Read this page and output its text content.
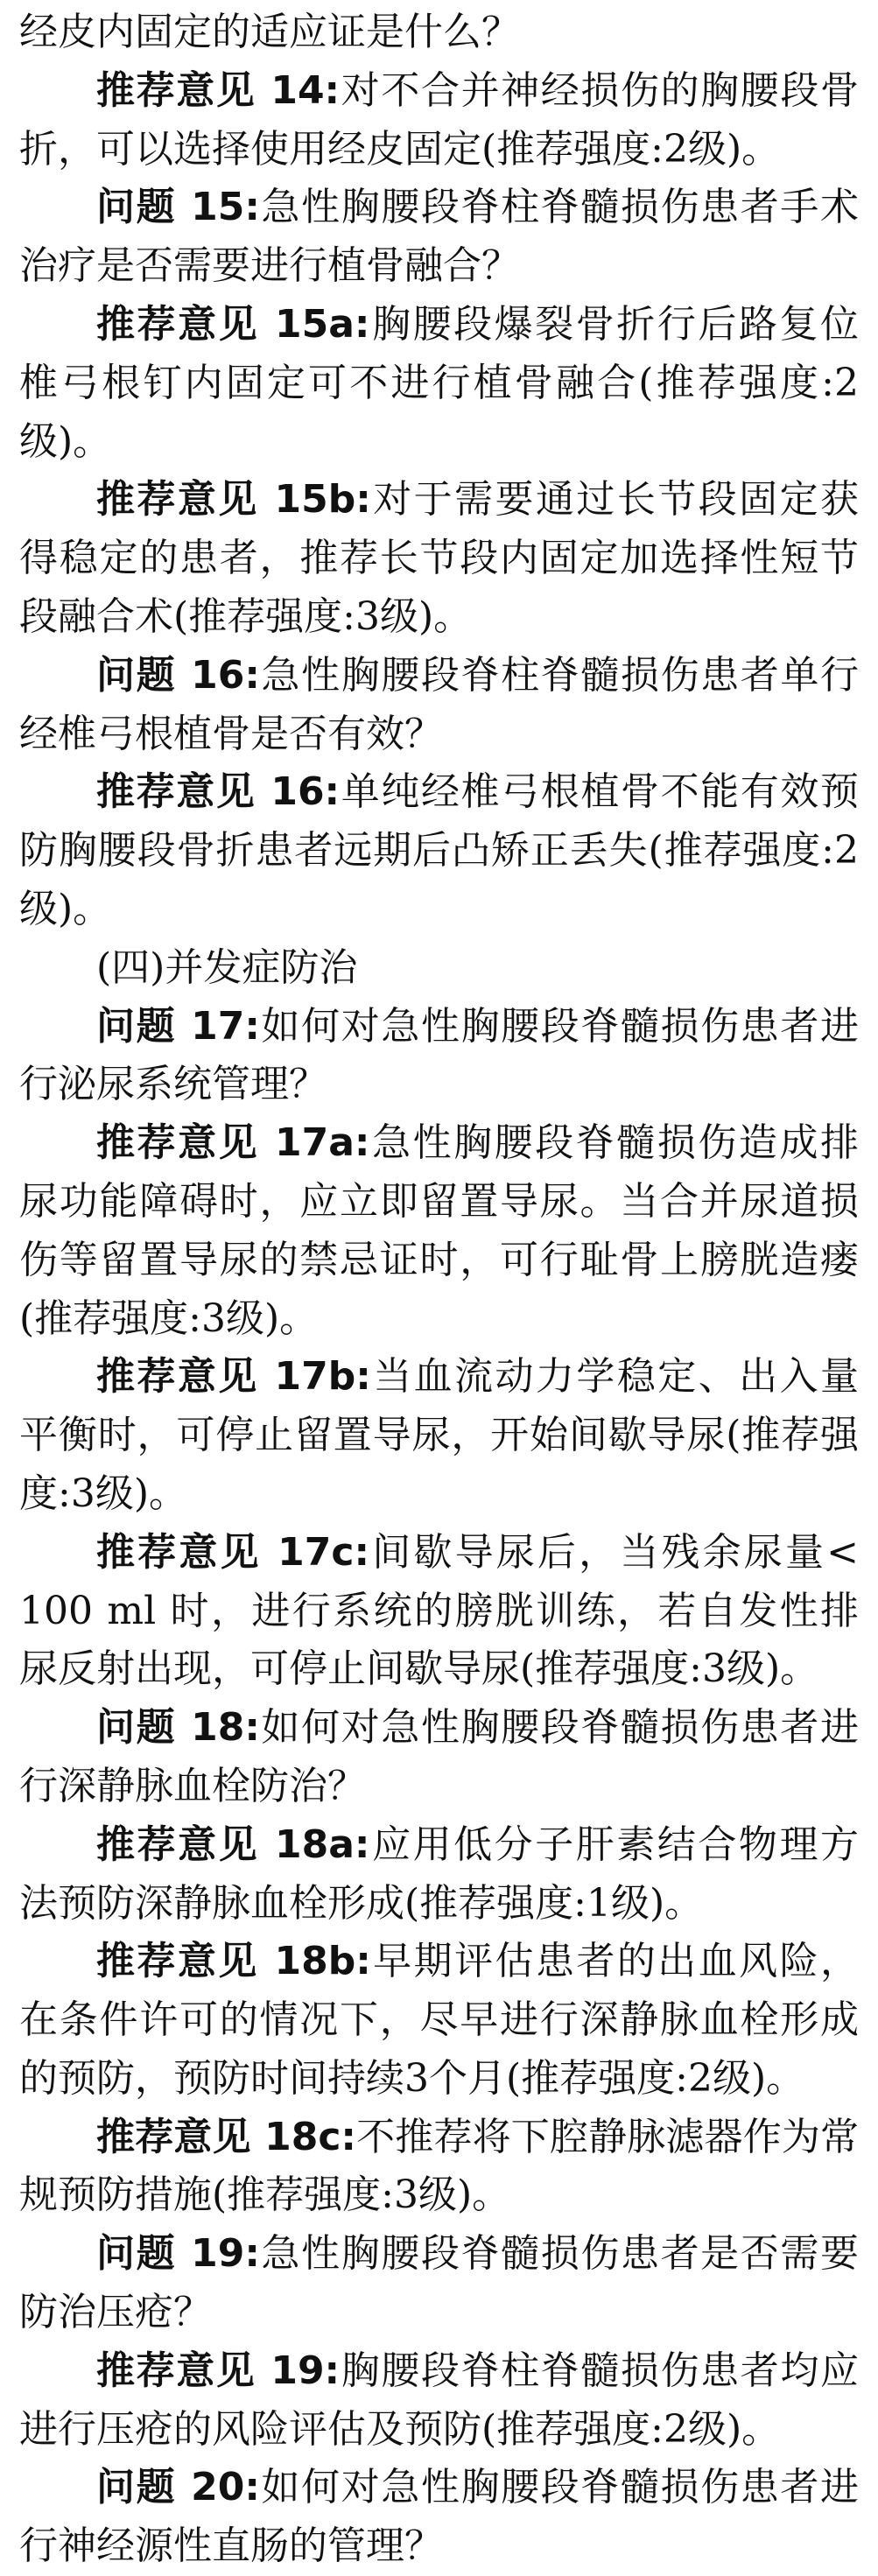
经皮内固定的适应证是什么？

推荐意见 14:对不合并神经损伤的胸腰段骨折，可以选择使用经皮固定(推荐强度:2级)。

问题 15:急性胸腰段脊柱脊髓损伤患者手术治疗是否需要进行植骨融合？

推荐意见 15a:胸腰段爆裂骨折行后路复位椎弓根钉内固定可不进行植骨融合(推荐强度:2级)。

推荐意见 15b:对于需要通过长节段固定获得稳定的患者，推荐长节段内固定加选择性短节段融合术(推荐强度:3级)。

问题 16:急性胸腰段脊柱脊髓损伤患者单行经椎弓根植骨是否有效？

推荐意见 16:单纯经椎弓根植骨不能有效预防胸腰段骨折患者远期后凸矫正丢失(推荐强度:2级)。

(四)并发症防治

问题 17:如何对急性胸腰段脊髓损伤患者进行泌尿系统管理？

推荐意见 17a:急性胸腰段脊髓损伤造成排尿功能障碍时，应立即留置导尿。当合并尿道损伤等留置导尿的禁忌证时，可行耻骨上膀胱造瘘(推荐强度:3级)。

推荐意见 17b:当血流动力学稳定、出入量平衡时，可停止留置导尿，开始间歇导尿(推荐强度:3级)。

推荐意见 17c:间歇导尿后，当残余尿量< 100 ml 时，进行系统的膀胱训练，若自发性排尿反射出现，可停止间歇导尿(推荐强度:3级)。

问题 18:如何对急性胸腰段脊髓损伤患者进行深静脉血栓防治？

推荐意见 18a:应用低分子肝素结合物理方法预防深静脉血栓形成(推荐强度:1级)。

推荐意见 18b:早期评估患者的出血风险，在条件许可的情况下，尽早进行深静脉血栓形成的预防，预防时间持续3个月(推荐强度:2级)。

推荐意见 18c:不推荐将下腔静脉滤器作为常规预防措施(推荐强度:3级)。

问题 19:急性胸腰段脊髓损伤患者是否需要防治压疮？

推荐意见 19:胸腰段脊柱脊髓损伤患者均应进行压疮的风险评估及预防(推荐强度:2级)。

问题 20:如何对急性胸腰段脊髓损伤患者进行神经源性直肠的管理？
